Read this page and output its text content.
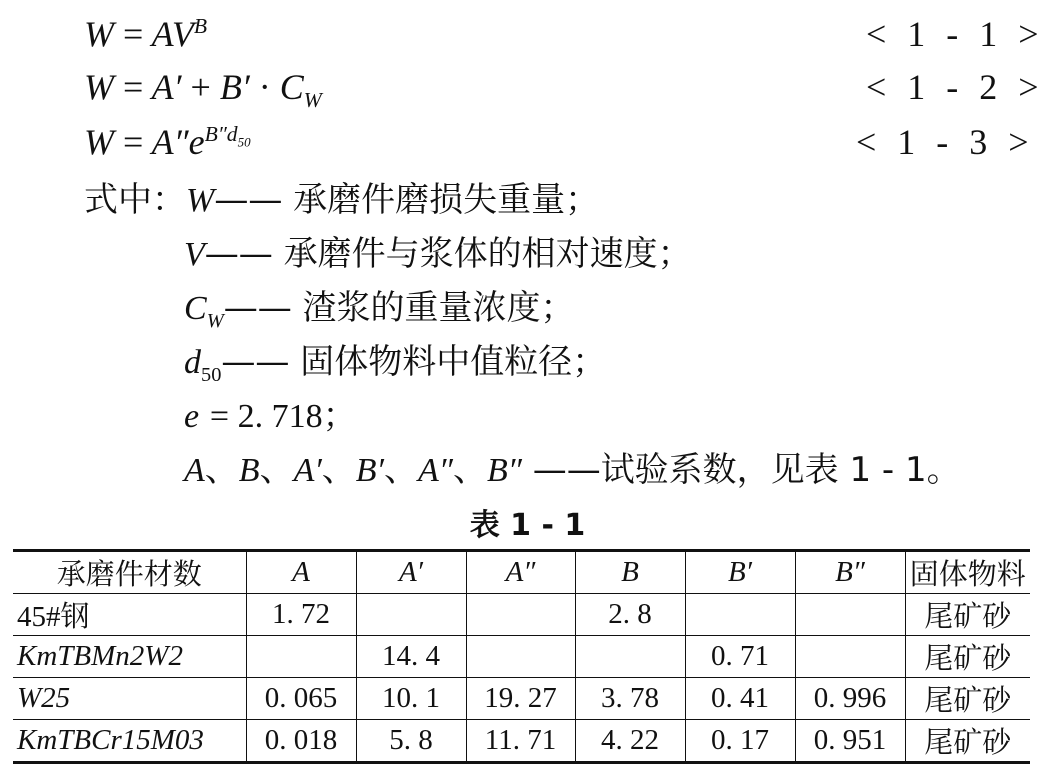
$W = AV^B$	< 1 - 1 >
$W = A' + B' \cdot C_W$	< 1 - 2 >
$W = A''e^{B''d_{50}}$	< 1 - 3 >
式中：W—— 承磨件磨损失重量；
V—— 承磨件与浆体的相对速度；
$C_W——$ 渣浆的重量浓度；
$d_{50}——$ 固体物料中值粒径；
e = 2. 718；
A、B、A′、B′、A″、B″ ——试验系数，见表 1 - 1。
表 1 - 1
承磨件材数	A	A′	A″	B	B′	B″	固体物料
45#钢	1. 72			2. 8			尾矿砂
KmTBMn2W2		14. 4			0. 71		尾矿砂
W25	0. 065	10. 1	19. 27	3. 78	0. 41	0. 996	尾矿砂
KmTBCr15M03	0. 018	5. 8	11. 71	4. 22	0. 17	0. 951	尾矿砂
